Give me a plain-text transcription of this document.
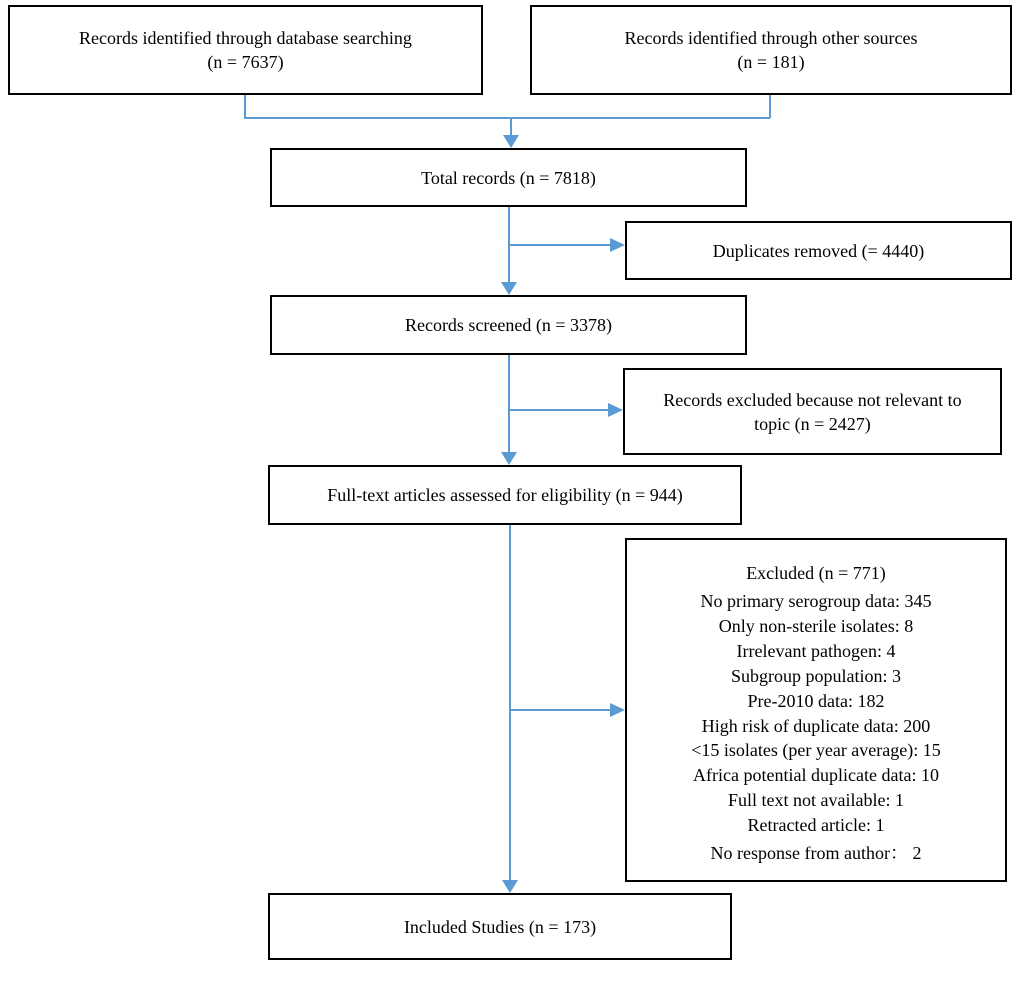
Records identified through database searching
(n = 7637)
Records identified through other sources
(n = 181)
Total records (n = 7818)
Duplicates removed (= 4440)
Records screened (n = 3378)
Records excluded because not relevant to topic (n = 2427)
Full-text articles assessed for eligibility (n = 944)
Excluded (n = 771)
No primary serogroup data: 345
Only non-sterile isolates: 8
Irrelevant pathogen: 4
Subgroup population: 3
Pre-2010 data: 182
High risk of duplicate data: 200
<15 isolates (per year average): 15
Africa potential duplicate data: 10
Full text not available: 1
Retracted article: 1
No response from author： 2
Included Studies (n = 173)
